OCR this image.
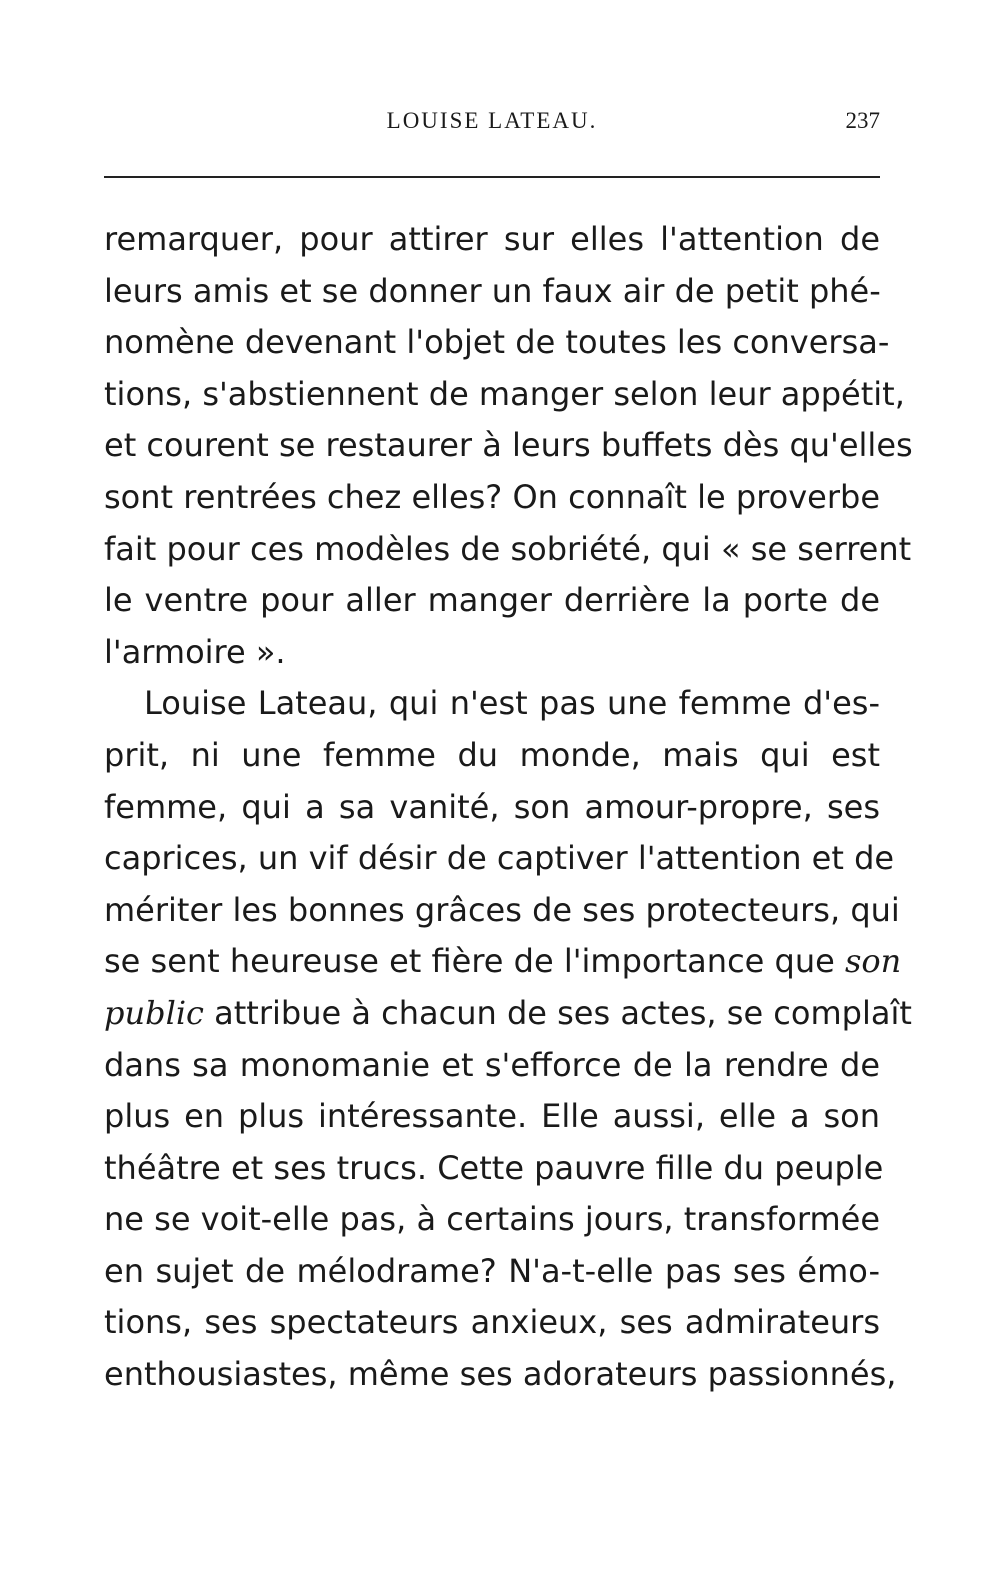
LOUISE LATEAU.	237
remarquer, pour attirer sur elles l'attention de
leurs amis et se donner un faux air de petit phé-
nomène devenant l'objet de toutes les conversa-
tions, s'abstiennent de manger selon leur appétit,
et courent se restaurer à leurs buffets dès qu'elles
sont rentrées chez elles? On connaît le proverbe
fait pour ces modèles de sobriété, qui « se serrent
le ventre pour aller manger derrière la porte de
l'armoire ».
Louise Lateau, qui n'est pas une femme d'es-
prit, ni une femme du monde, mais qui est
femme, qui a sa vanité, son amour-propre, ses
caprices, un vif désir de captiver l'attention et de
mériter les bonnes grâces de ses protecteurs, qui
se sent heureuse et fière de l'importance que son
public attribue à chacun de ses actes, se complaît
dans sa monomanie et s'efforce de la rendre de
plus en plus intéressante. Elle aussi, elle a son
théâtre et ses trucs. Cette pauvre fille du peuple
ne se voit-elle pas, à certains jours, transformée
en sujet de mélodrame? N'a-t-elle pas ses émo-
tions, ses spectateurs anxieux, ses admirateurs
enthousiastes, même ses adorateurs passionnés,
